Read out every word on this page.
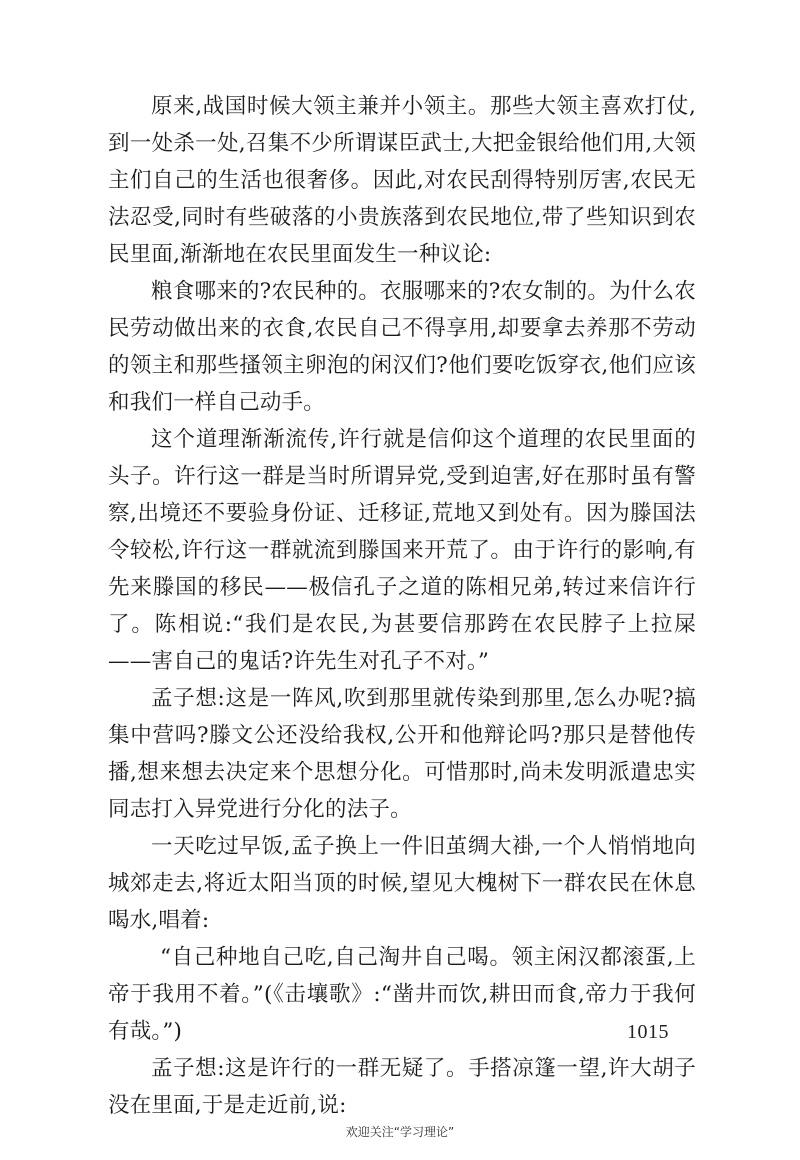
原来,战国时候大领主兼并小领主。那些大领主喜欢打仗,到一处杀一处,召集不少所谓谋臣武士,大把金银给他们用,大领主们自己的生活也很奢侈。因此,对农民刮得特别厉害,农民无法忍受,同时有些破落的小贵族落到农民地位,带了些知识到农民里面,渐渐地在农民里面发生一种议论:

粮食哪来的?农民种的。衣服哪来的?农女制的。为什么农民劳动做出来的衣食,农民自己不得享用,却要拿去养那不劳动的领主和那些搔领主卵泡的闲汉们?他们要吃饭穿衣,他们应该和我们一样自己动手。

这个道理渐渐流传,许行就是信仰这个道理的农民里面的头子。许行这一群是当时所谓异党,受到迫害,好在那时虽有警察,出境还不要验身份证、迁移证,荒地又到处有。因为滕国法令较松,许行这一群就流到滕国来开荒了。由于许行的影响,有先来滕国的移民——极信孔子之道的陈相兄弟,转过来信许行了。陈相说:“我们是农民,为甚要信那跨在农民脖子上拉屎——害自己的鬼话?许先生对孔子不对。”

孟子想:这是一阵风,吹到那里就传染到那里,怎么办呢?搞集中营吗?滕文公还没给我权,公开和他辩论吗?那只是替他传播,想来想去决定来个思想分化。可惜那时,尚未发明派遣忠实同志打入异党进行分化的法子。

一天吃过早饭,孟子换上一件旧茧绸大褂,一个人悄悄地向城郊走去,将近太阳当顶的时候,望见大槐树下一群农民在休息喝水,唱着:

“自己种地自己吃,自己淘井自己喝。领主闲汉都滚蛋,上帝于我用不着。”(《击壤歌》:“凿井而饮,耕田而食,帝力于我何有哉。”)

孟子想:这是许行的一群无疑了。手搭凉篷一望,许大胡子没在里面,于是走近前,说:

1015
欢迎关注“学习理论”
